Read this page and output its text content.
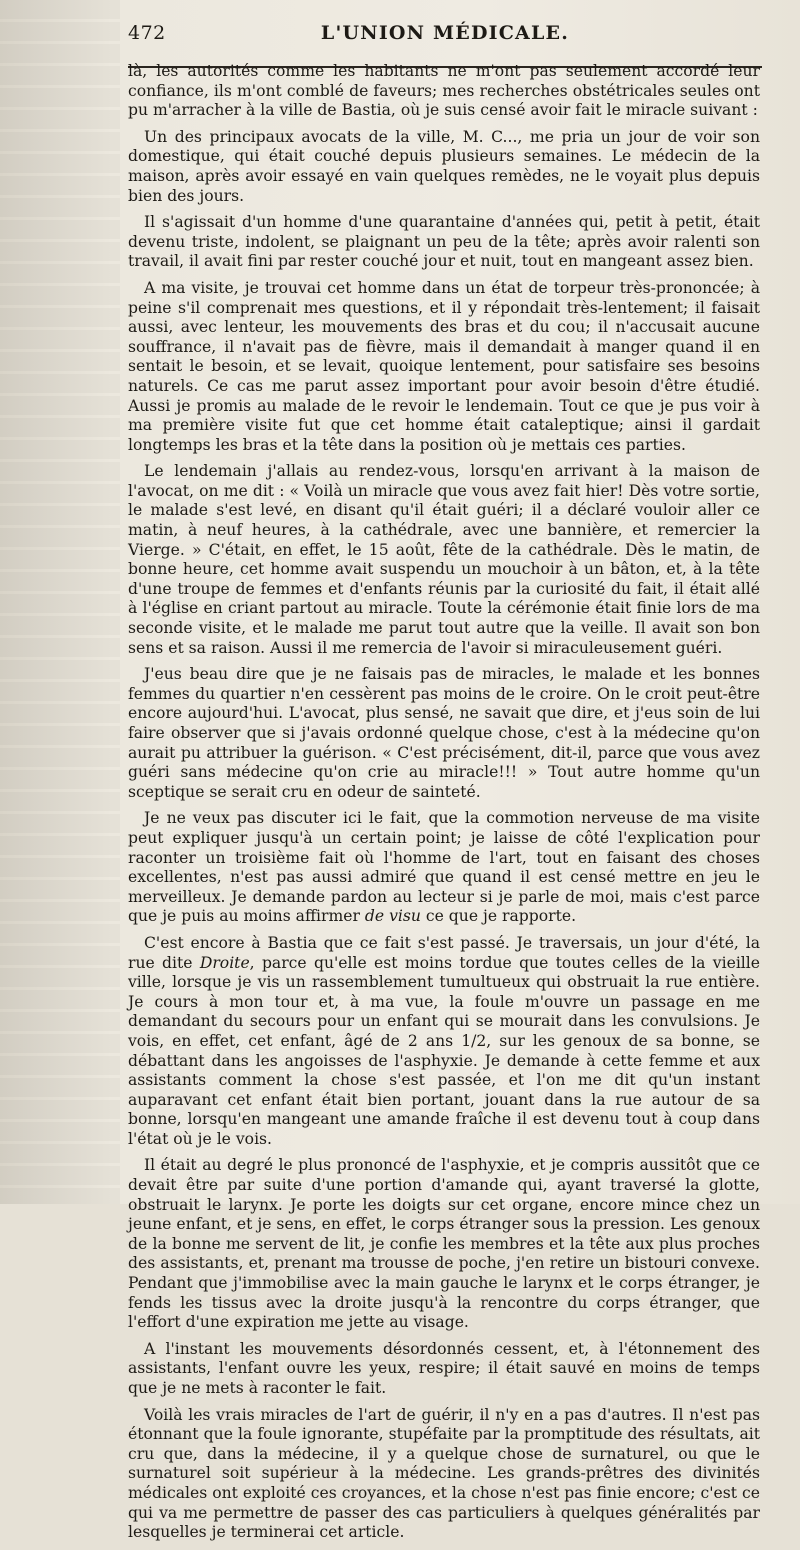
472	L'UNION MÉDICALE.

là, les autorités comme les habitants ne m'ont pas seulement accordé leur confiance, ils m'ont comblé de faveurs; mes recherches obstétricales seules ont pu m'arracher à la ville de Bastia, où je suis censé avoir fait le miracle suivant :

Un des principaux avocats de la ville, M. C..., me pria un jour de voir son domestique, qui était couché depuis plusieurs semaines. Le médecin de la maison, après avoir essayé en vain quelques remèdes, ne le voyait plus depuis bien des jours.

Il s'agissait d'un homme d'une quarantaine d'années qui, petit à petit, était devenu triste, indolent, se plaignant un peu de la tête; après avoir ralenti son travail, il avait fini par rester couché jour et nuit, tout en mangeant assez bien.

A ma visite, je trouvai cet homme dans un état de torpeur très-prononcée; à peine s'il comprenait mes questions, et il y répondait très-lentement; il faisait aussi, avec lenteur, les mouvements des bras et du cou; il n'accusait aucune souffrance, il n'avait pas de fièvre, mais il demandait à manger quand il en sentait le besoin, et se levait, quoique lentement, pour satisfaire ses besoins naturels. Ce cas me parut assez important pour avoir besoin d'être étudié. Aussi je promis au malade de le revoir le lendemain. Tout ce que je pus voir à ma première visite fut que cet homme était cataleptique; ainsi il gardait longtemps les bras et la tête dans la position où je mettais ces parties.

Le lendemain j'allais au rendez-vous, lorsqu'en arrivant à la maison de l'avocat, on me dit : « Voilà un miracle que vous avez fait hier! Dès votre sortie, le malade s'est levé, en disant qu'il était guéri; il a déclaré vouloir aller ce matin, à neuf heures, à la cathédrale, avec une bannière, et remercier la Vierge. » C'était, en effet, le 15 août, fête de la cathédrale. Dès le matin, de bonne heure, cet homme avait suspendu un mouchoir à un bâton, et, à la tête d'une troupe de femmes et d'enfants réunis par la curiosité du fait, il était allé à l'église en criant partout au miracle. Toute la cérémonie était finie lors de ma seconde visite, et le malade me parut tout autre que la veille. Il avait son bon sens et sa raison. Aussi il me remercia de l'avoir si miraculeusement guéri.

J'eus beau dire que je ne faisais pas de miracles, le malade et les bonnes femmes du quartier n'en cessèrent pas moins de le croire. On le croit peut-être encore aujourd'hui. L'avocat, plus sensé, ne savait que dire, et j'eus soin de lui faire observer que si j'avais ordonné quelque chose, c'est à la médecine qu'on aurait pu attribuer la guérison. « C'est précisément, dit-il, parce que vous avez guéri sans médecine qu'on crie au miracle!!! » Tout autre homme qu'un sceptique se serait cru en odeur de sainteté.

Je ne veux pas discuter ici le fait, que la commotion nerveuse de ma visite peut expliquer jusqu'à un certain point; je laisse de côté l'explication pour raconter un troisième fait où l'homme de l'art, tout en faisant des choses excellentes, n'est pas aussi admiré que quand il est censé mettre en jeu le merveilleux. Je demande pardon au lecteur si je parle de moi, mais c'est parce que je puis au moins affirmer de visu ce que je rapporte.

C'est encore à Bastia que ce fait s'est passé. Je traversais, un jour d'été, la rue dite Droite, parce qu'elle est moins tordue que toutes celles de la vieille ville, lorsque je vis un rassemblement tumultueux qui obstruait la rue entière. Je cours à mon tour et, à ma vue, la foule m'ouvre un passage en me demandant du secours pour un enfant qui se mourait dans les convulsions. Je vois, en effet, cet enfant, âgé de 2 ans 1/2, sur les genoux de sa bonne, se débattant dans les angoisses de l'asphyxie. Je demande à cette femme et aux assistants comment la chose s'est passée, et l'on me dit qu'un instant auparavant cet enfant était bien portant, jouant dans la rue autour de sa bonne, lorsqu'en mangeant une amande fraîche il est devenu tout à coup dans l'état où je le vois.

Il était au degré le plus prononcé de l'asphyxie, et je compris aussitôt que ce devait être par suite d'une portion d'amande qui, ayant traversé la glotte, obstruait le larynx. Je porte les doigts sur cet organe, encore mince chez un jeune enfant, et je sens, en effet, le corps étranger sous la pression. Les genoux de la bonne me servent de lit, je confie les membres et la tête aux plus proches des assistants, et, prenant ma trousse de poche, j'en retire un bistouri convexe. Pendant que j'immobilise avec la main gauche le larynx et le corps étranger, je fends les tissus avec la droite jusqu'à la rencontre du corps étranger, que l'effort d'une expiration me jette au visage.

A l'instant les mouvements désordonnés cessent, et, à l'étonnement des assistants, l'enfant ouvre les yeux, respire; il était sauvé en moins de temps que je ne mets à raconter le fait.

Voilà les vrais miracles de l'art de guérir, il n'y en a pas d'autres. Il n'est pas étonnant que la foule ignorante, stupéfaite par la promptitude des résultats, ait cru que, dans la médecine, il y a quelque chose de surnaturel, ou que le surnaturel soit supérieur à la médecine. Les grands-prêtres des divinités médicales ont exploité ces croyances, et la chose n'est pas finie encore; c'est ce qui va me permettre de passer des cas particuliers à quelques généralités par lesquelles je terminerai cet article.
